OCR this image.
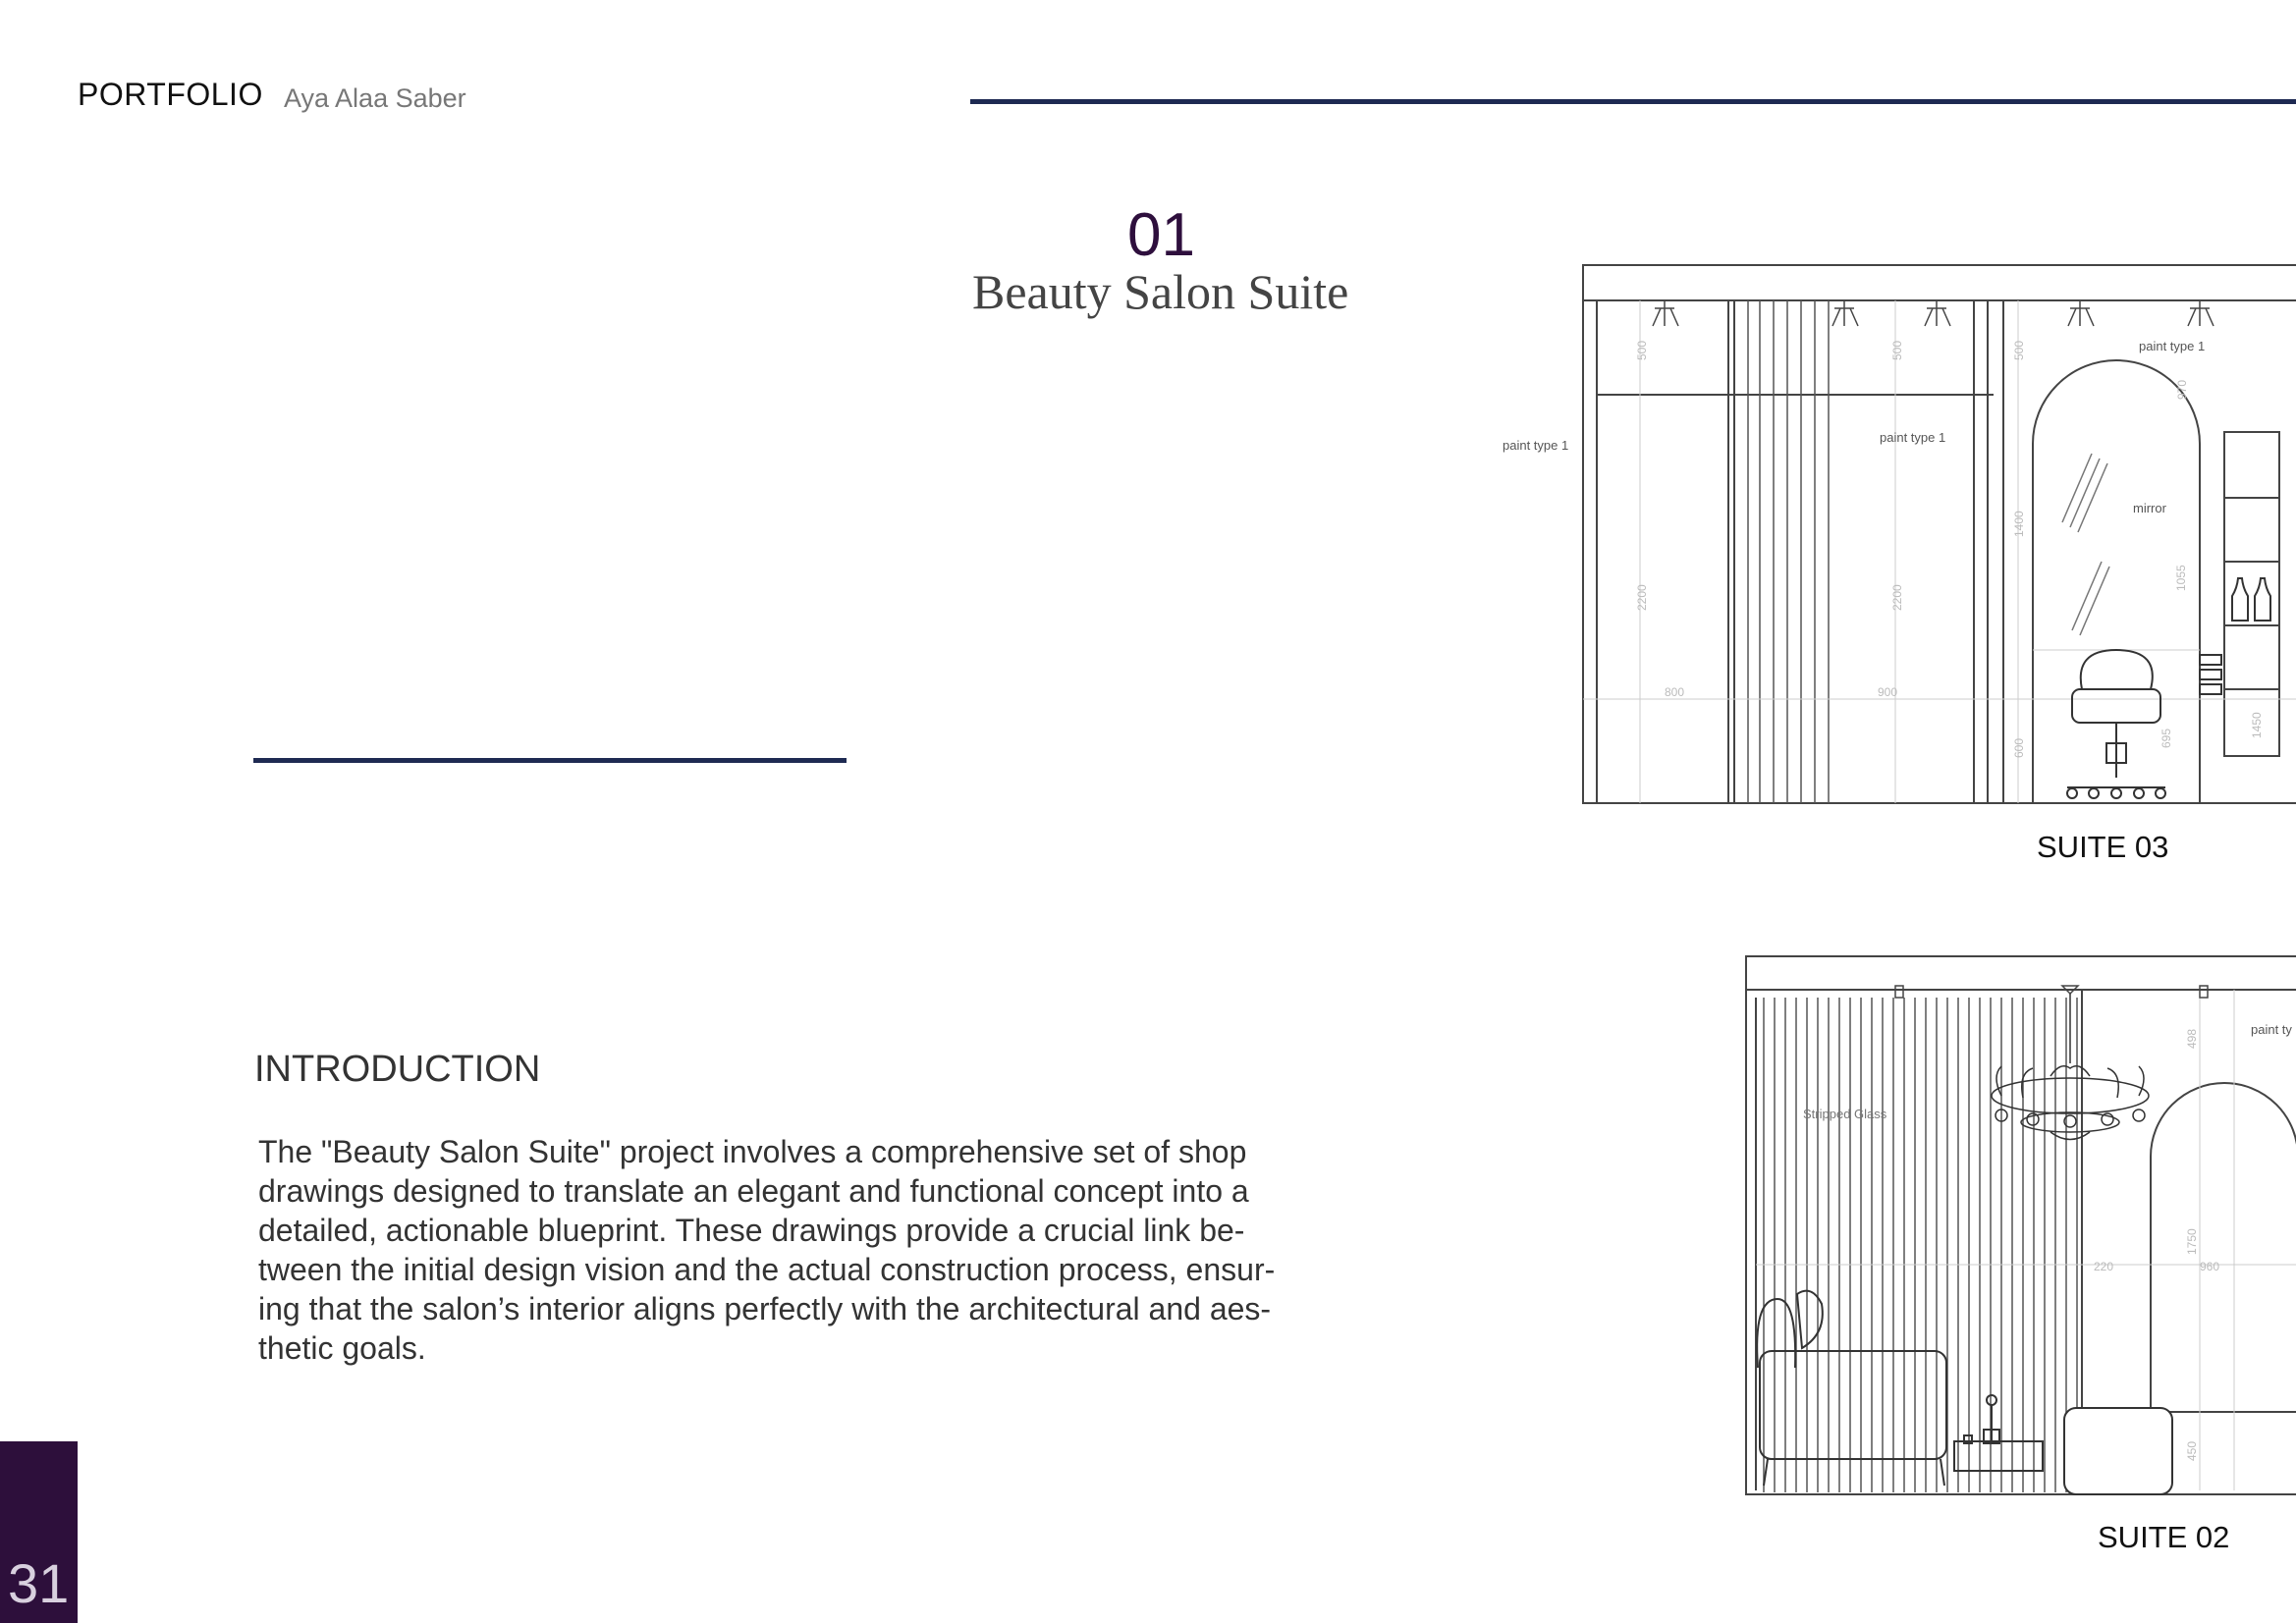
PORTFOLIO Aya Alaa Saber
01
Beauty Salon Suite
INTRODUCTION
The "Beauty Salon Suite" project involves a comprehensive set of shop
drawings designed to translate an elegant and functional concept into a
detailed, actionable blueprint. These drawings provide a crucial link be-
tween the initial design vision and the actual construction process, ensur-
ing that the salon’s interior aligns perfectly with the architectural and aes-
thetic goals.
paint type 1
paint type 1
paint type 1
mirror
500
2200
800	900
500
2200
1400
1055
970
500
600	695	1450
SUITE 03
Stripped Glass
paint ty
498
1750
960
220
450
SUITE 02
31
